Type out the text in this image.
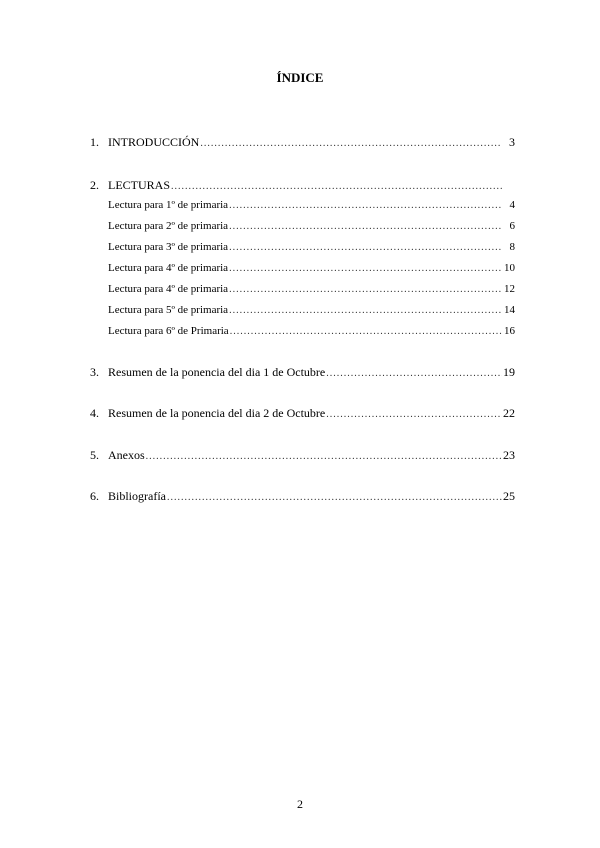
ÍNDICE
1. INTRODUCCIÓN .....	3
2. LECTURAS
.....
Lectura para 1º de primaria .....	4
Lectura para 2º de primaria .....	6
Lectura para 3º de primaria .....	8
Lectura para 4º de primaria .....	10
Lectura para 4º de primaria .....	12
Lectura para 5º de primaria .....	14
Lectura para 6º de Primaria .....	16
3. Resumen de la ponencia del dia 1 de Octubre .....	19
4. Resumen de la ponencia del dia 2 de Octubre .....	22
5. Anexos .....	23
6. Bibliografía .....	25
2
